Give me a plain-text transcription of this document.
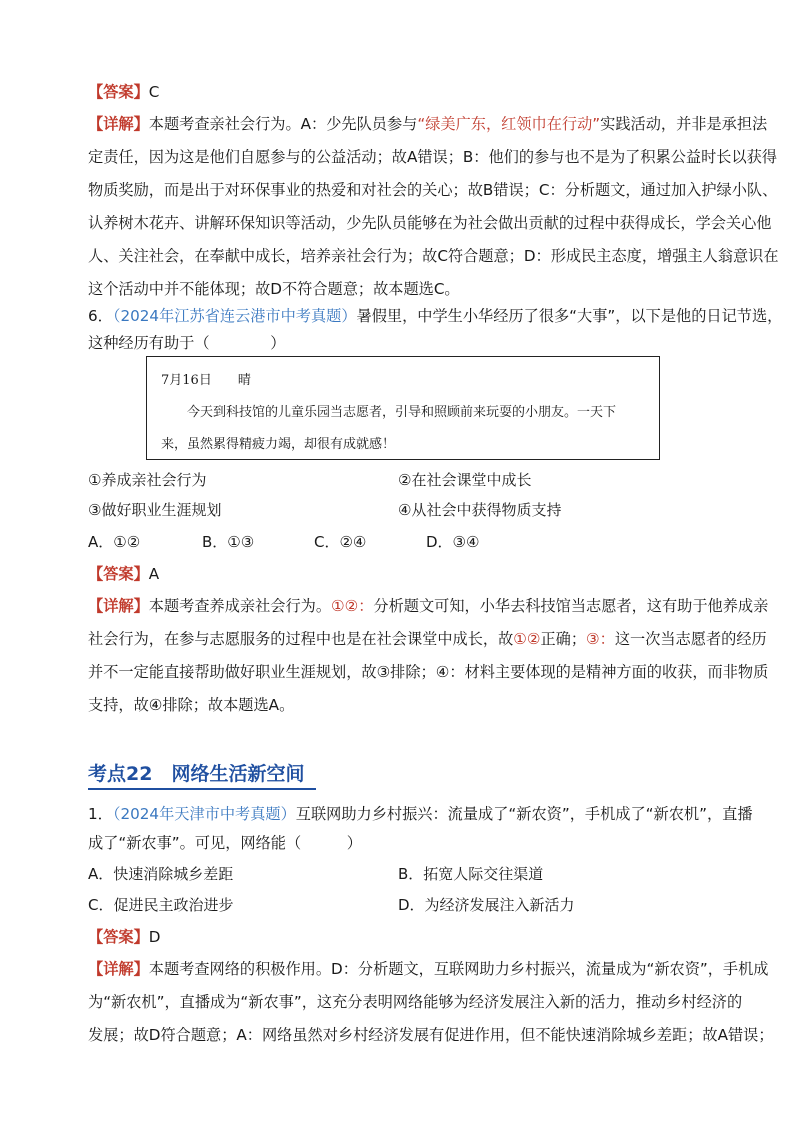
【答案】C
【详解】本题考查亲社会行为。A：少先队员参与“绿美广东，红领巾在行动”实践活动，并非是承担法
定责任，因为这是他们自愿参与的公益活动；故A错误；B：他们的参与也不是为了积累公益时长以获得
物质奖励，而是出于对环保事业的热爱和对社会的关心；故B错误；C：分析题文，通过加入护绿小队、
认养树木花卉、讲解环保知识等活动，少先队员能够在为社会做出贡献的过程中获得成长，学会关心他
人、关注社会，在奉献中成长，培养亲社会行为；故C符合题意；D：形成民主态度，增强主人翁意识在
这个活动中并不能体现；故D不符合题意；故本题选C。
6．（2024年江苏省连云港市中考真题）暑假里，中学生小华经历了很多“大事”，以下是他的日记节选，
这种经历有助于（　　　　）
7月16日　　晴
今天到科技馆的儿童乐园当志愿者，引导和照顾前来玩耍的小朋友。一天下
来，虽然累得精疲力竭，却很有成就感！
①养成亲社会行为	②在社会课堂中成长
③做好职业生涯规划	④从社会中获得物质支持
A．①②	B．①③	C．②④	D．③④
【答案】A
【详解】本题考查养成亲社会行为。①②：分析题文可知，小华去科技馆当志愿者，这有助于他养成亲
社会行为，在参与志愿服务的过程中也是在社会课堂中成长，故①②正确；③：这一次当志愿者的经历
并不一定能直接帮助做好职业生涯规划，故③排除；④：材料主要体现的是精神方面的收获，而非物质
支持，故④排除；故本题选A。
考点22　网络生活新空间
1．（2024年天津市中考真题）互联网助力乡村振兴：流量成了“新农资”，手机成了“新农机”，直播
成了“新农事”。可见，网络能（　　　）
A．快速消除城乡差距	B．拓宽人际交往渠道
C．促进民主政治进步	D．为经济发展注入新活力
【答案】D
【详解】本题考查网络的积极作用。D：分析题文，互联网助力乡村振兴，流量成为“新农资”，手机成
为“新农机”，直播成为“新农事”，这充分表明网络能够为经济发展注入新的活力，推动乡村经济的
发展；故D符合题意；A：网络虽然对乡村经济发展有促进作用，但不能快速消除城乡差距；故A错误；
